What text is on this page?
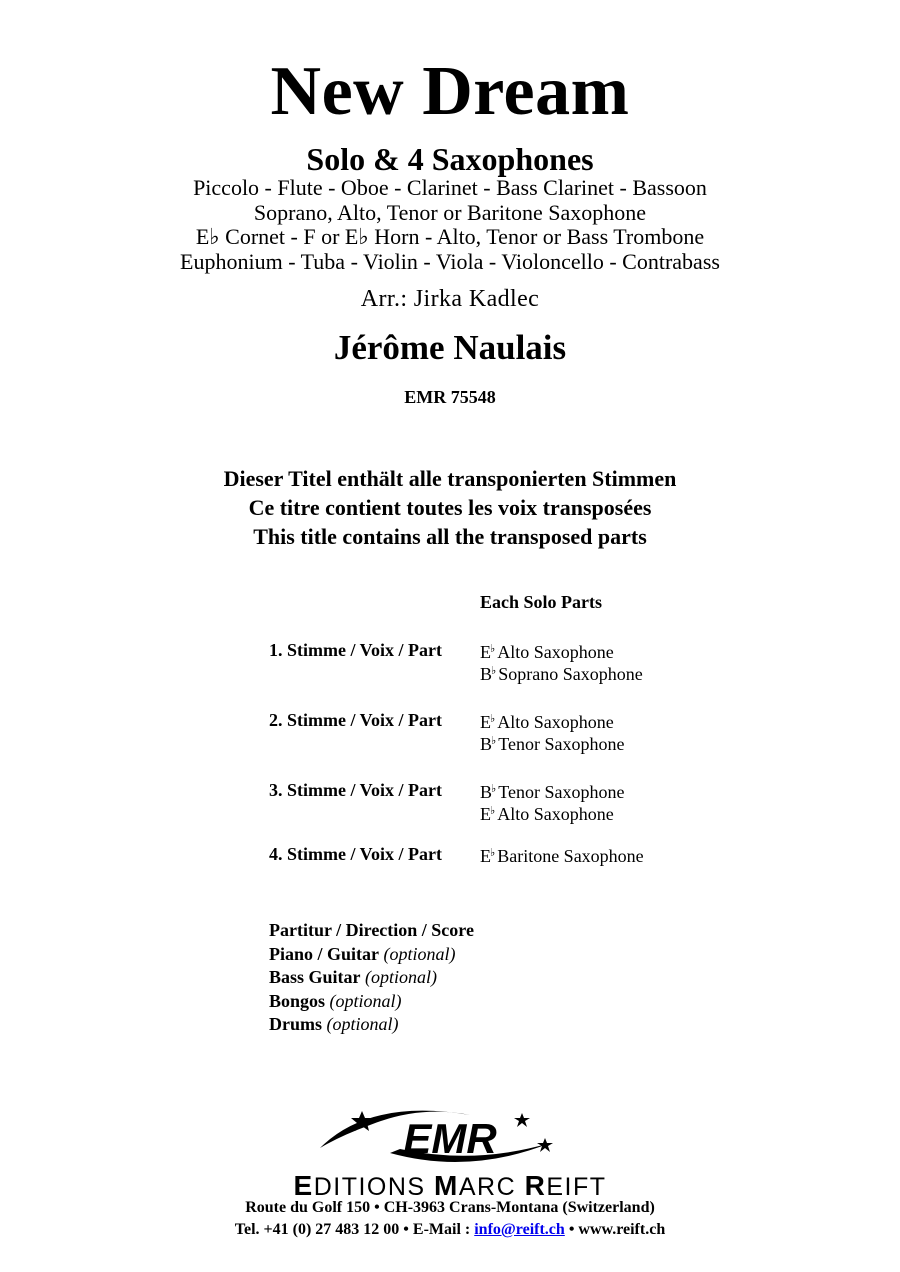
New Dream
Solo & 4 Saxophones
Piccolo - Flute - Oboe - Clarinet - Bass Clarinet - Bassoon
Soprano, Alto, Tenor or Baritone Saxophone
E♭ Cornet - F or E♭ Horn - Alto, Tenor or Bass Trombone
Euphonium - Tuba - Violin - Viola - Violoncello - Contrabass
Arr.: Jirka Kadlec
Jérôme Naulais
EMR 75548
Dieser Titel enthält alle transponierten Stimmen
Ce titre contient toutes les voix transposées
This title contains all the transposed parts
Each Solo Parts
1. Stimme / Voix / Part E♭ Alto Saxophone
B♭ Soprano Saxophone
2. Stimme / Voix / Part E♭ Alto Saxophone
B♭ Tenor Saxophone
3. Stimme / Voix / Part B♭ Tenor Saxophone
E♭ Alto Saxophone
4. Stimme / Voix / Part E♭ Baritone Saxophone
Partitur / Direction / Score
Piano / Guitar (optional)
Bass Guitar (optional)
Bongos (optional)
Drums (optional)
EMR
EDITIONS MARC REIFT
Route du Golf 150 • CH-3963 Crans-Montana (Switzerland)
Tel. +41 (0) 27 483 12 00 • E-Mail : info@reift.ch • www.reift.ch
